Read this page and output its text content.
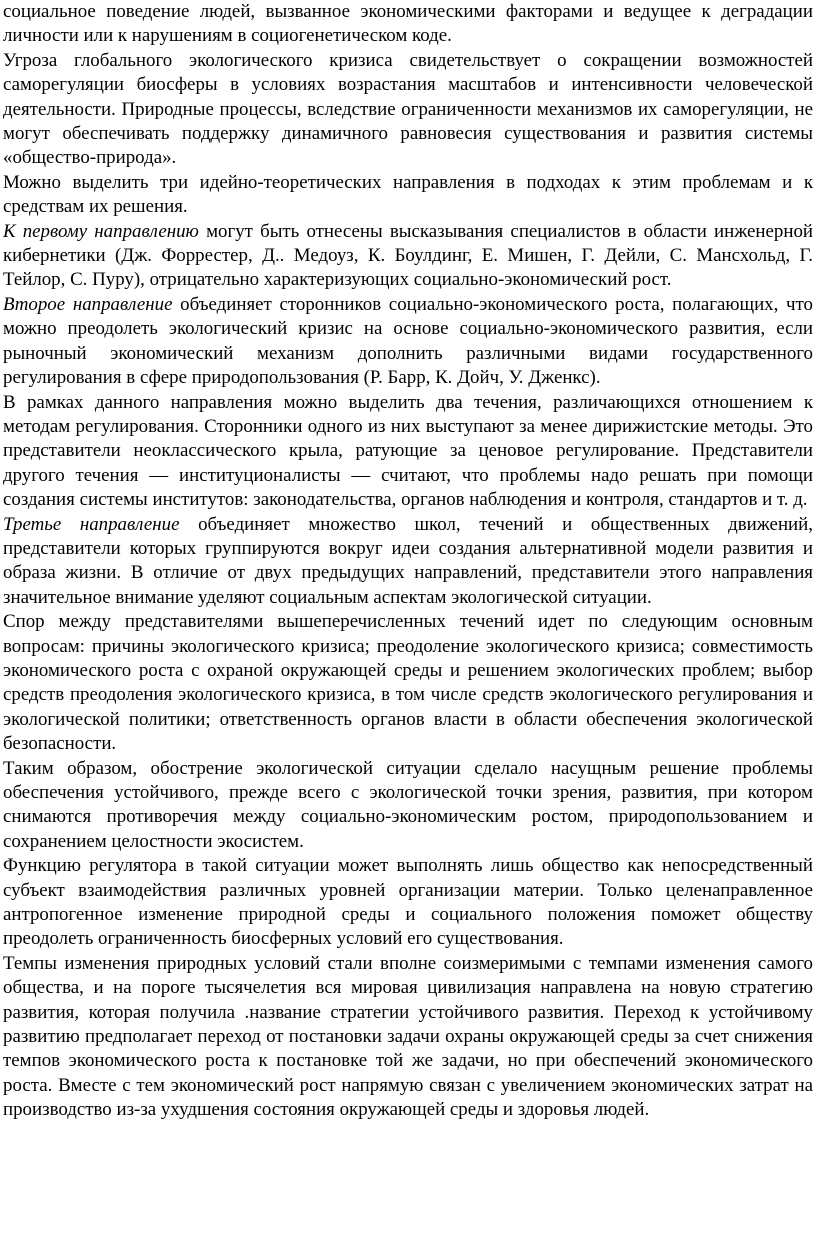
социальное поведение людей, вызванное экономическими факторами и ведущее к деградации личности или к нарушениям в социогенетическом коде.

Угроза глобального экологического кризиса свидетельствует о сокращении возможностей саморегуляции биосферы в условиях возрастания масштабов и интенсивности человеческой деятельности. Природные процессы, вследствие ограниченности механизмов их саморегуляции, не могут обеспечивать поддержку динамичного равновесия существования и развития системы «общество-природа».

Можно выделить три идейно-теоретических направления в подходах к этим проблемам и к средствам их решения.

К первому направлению могут быть отнесены высказывания специалистов в области инженерной кибернетики (Дж. Форрестер, Д.. Медоуз, К. Боулдинг, Е. Мишен, Г. Дейли, С. Мансхольд, Г. Тейлор, С. Пуру), отрицательно характеризующих социально-экономический рост.

Второе направление объединяет сторонников социально-экономического роста, полагающих, что можно преодолеть экологический кризис на основе социально-экономического развития, если рыночный экономический механизм дополнить различными видами государственного регулирования в сфере природопользования (Р. Барр, К. Дойч, У. Дженкс).

В рамках данного направления можно выделить два течения, различающихся отношением к методам регулирования. Сторонники одного из них выступают за менее дирижистские методы. Это представители неоклассического крыла, ратующие за ценовое регулирование. Представители другого течения — институционалисты — считают, что проблемы надо решать при помощи создания системы институтов: законодательства, органов наблюдения и контроля, стандартов и т. д.

Третье направление объединяет множество школ, течений и общественных движений, представители которых группируются вокруг идеи создания альтернативной модели развития и образа жизни. В отличие от двух предыдущих направлений, представители этого направления значительное внимание уделяют социальным аспектам экологической ситуации.

Спор между представителями вышеперечисленных течений идет по следующим основным вопросам: причины экологического кризиса; преодоление экологического кризиса; совместимость экономического роста с охраной окружающей среды и решением экологических проблем; выбор средств преодоления экологического кризиса, в том числе средств экологического регулирования и экологической политики; ответственность органов власти в области обеспечения экологической безопасности.

Таким образом, обострение экологической ситуации сделало насущным решение проблемы обеспечения устойчивого, прежде всего с экологической точки зрения, развития, при котором снимаются противоречия между социально-экономическим ростом, природопользованием и сохранением целостности экосистем.

Функцию регулятора в такой ситуации может выполнять лишь общество как непосредственный субъект взаимодействия различных уровней организации материи. Только целенаправленное антропогенное изменение природной среды и социального положения поможет обществу преодолеть ограниченность биосферных условий его существования.

Темпы изменения природных условий стали вполне соизмеримыми с темпами изменения самого общества, и на пороге тысячелетия вся мировая цивилизация направлена на новую стратегию развития, которая получила .название стратегии устойчивого развития. Переход к устойчивому развитию предполагает переход от постановки задачи охраны окружающей среды за счет снижения темпов экономического роста к постановке той же задачи, но при обеспечений экономического роста. Вместе с тем экономический рост напрямую связан с увеличением экономических затрат на производство из-за ухудшения состояния окружающей среды и здоровья людей.
